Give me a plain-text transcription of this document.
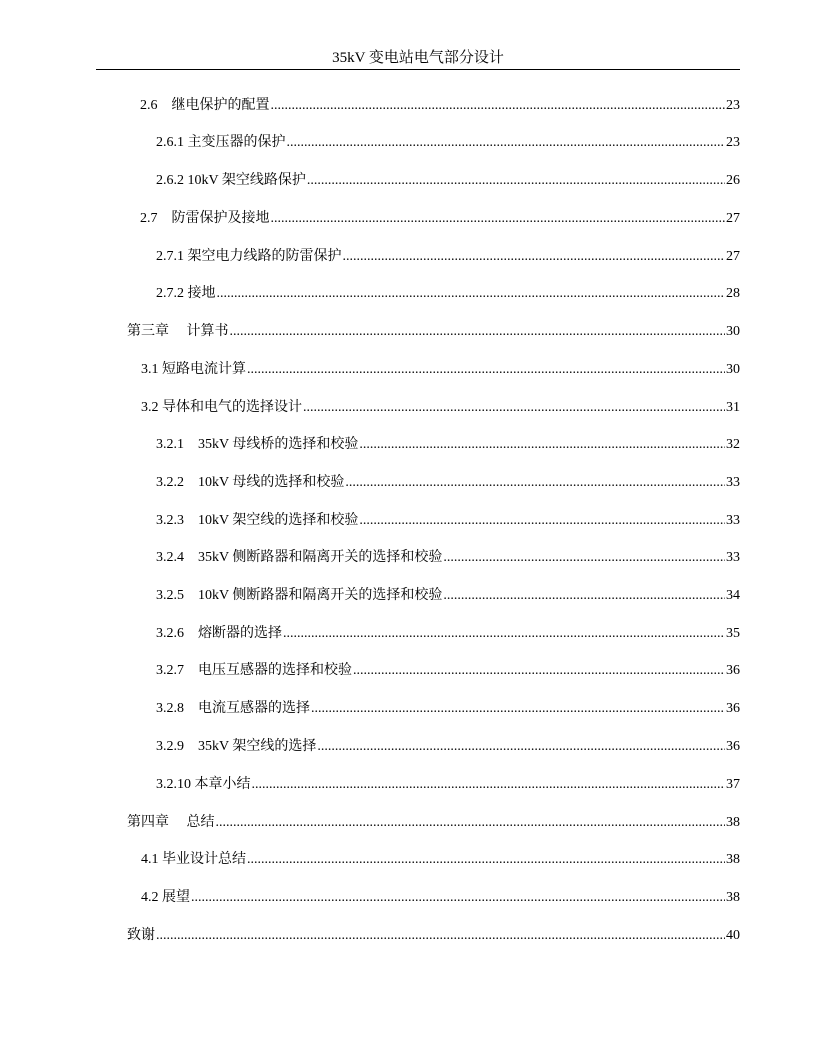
35kV 变电站电气部分设计
2.6　继电保护的配置 .....	23
2.6.1 主变压器的保护 .....	23
2.6.2 10kV 架空线路保护 .....	26
2.7　防雷保护及接地 .....	27
2.7.1 架空电力线路的防雷保护 .....	27
2.7.2 接地 .....	28
第三章　 计算书 .....	30
3.1 短路电流计算 .....	30
3.2 导体和电气的选择设计 .....	31
3.2.1　35kV 母线桥的选择和校验 .....	32
3.2.2　10kV 母线的选择和校验 .....	33
3.2.3　10kV 架空线的选择和校验 .....	33
3.2.4　35kV 侧断路器和隔离开关的选择和校验 .....	33
3.2.5　10kV 侧断路器和隔离开关的选择和校验 .....	34
3.2.6　熔断器的选择 .....	35
3.2.7　电压互感器的选择和校验 .....	36
3.2.8　电流互感器的选择 .....	36
3.2.9　35kV 架空线的选择 .....	36
3.2.10 本章小结 .....	37
第四章　 总结 .....	38
4.1 毕业设计总结 .....	38
4.2 展望 .....	38
致谢 .....	40
